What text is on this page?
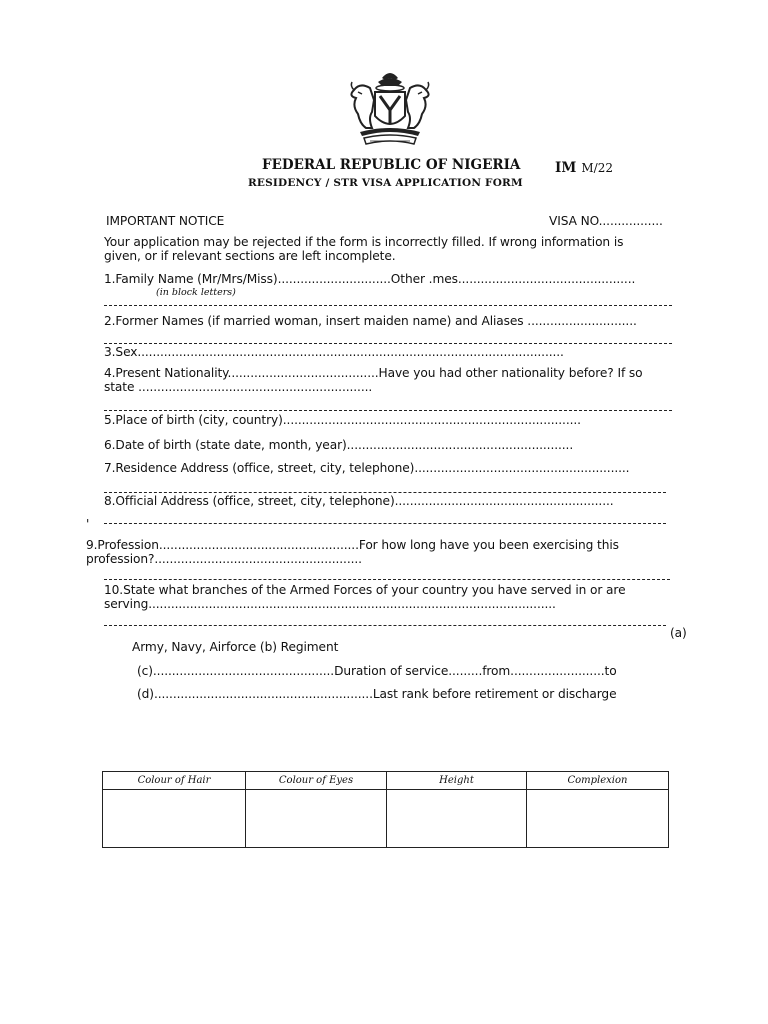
FEDERAL REPUBLIC OF NIGERIA	IM M/22
RESIDENCY / STR VISA APPLICATION FORM
IMPORTANT NOTICE	VISA NO.................
Your application may be rejected if the form is incorrectly filled. If wrong information is
given, or if relevant sections are left incomplete.
1.Family Name (Mr/Mrs/Miss)..............................Other .mes...............................................
(in block letters)
2.Former Names (if married woman, insert maiden name) and Aliases .............................
3.Sex.................................................................................................................
4.Present Nationality........................................Have you had other nationality before? If so
state ..............................................................
5.Place of birth (city, country)...............................................................................
6.Date of birth (state date, month, year)............................................................
7.Residence Address (office, street, city, telephone).........................................................
8.Official Address (office, street, city, telephone)..........................................................
'
9.Profession.....................................................For how long have you been exercising this
profession?.......................................................
10.State what branches of the Armed Forces of your country you have served in or are
serving............................................................................................................
(a)
Army, Navy, Airforce (b) Regiment
(c)................................................Duration of service.........from.........................to
(d)..........................................................Last rank before retirement or discharge
Colour of Hair	Colour of Eyes	Height	Complexion
